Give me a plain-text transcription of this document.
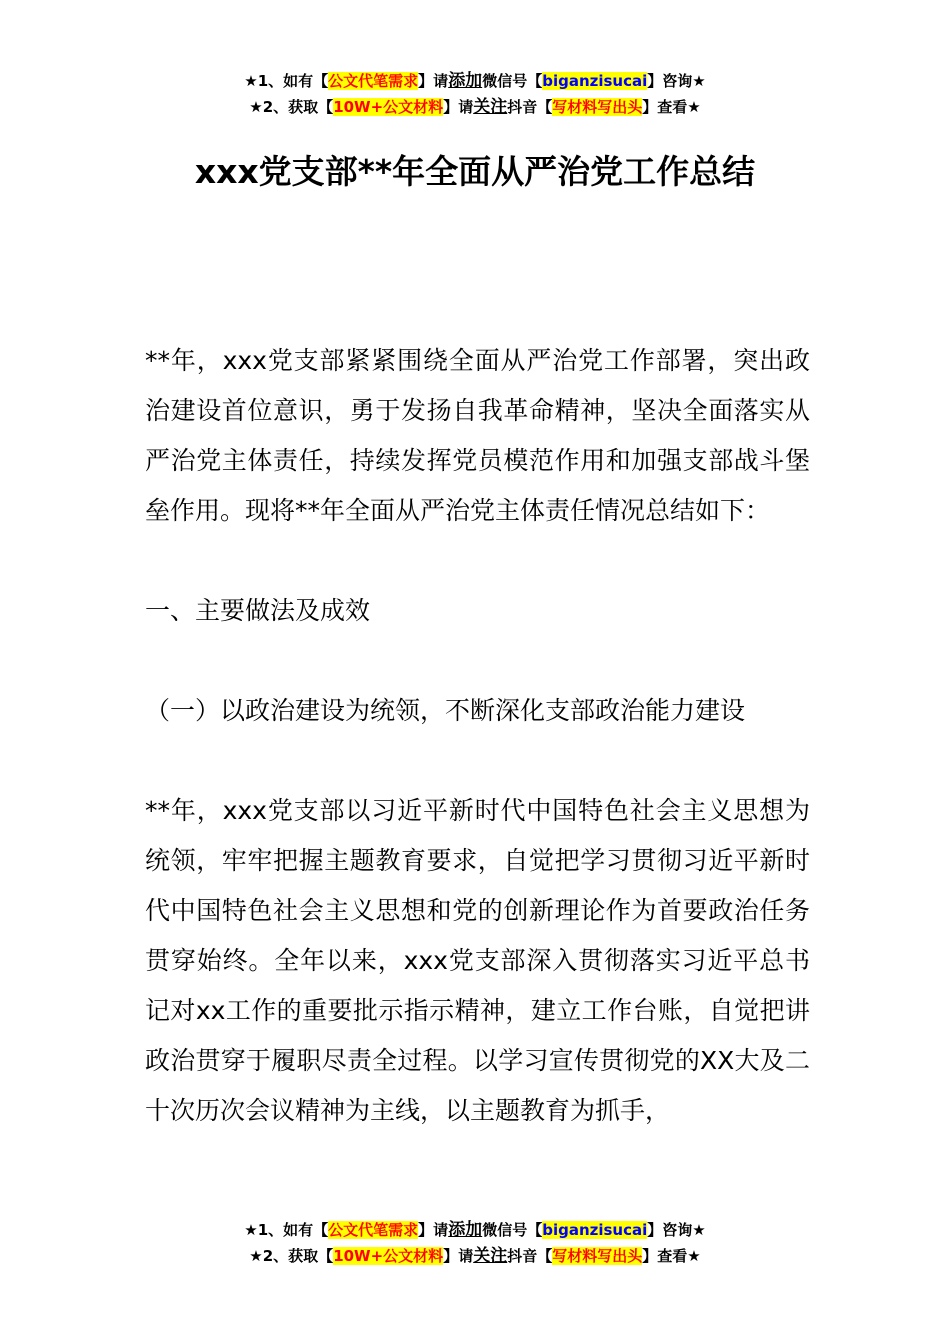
★1、如有【公文代笔需求】请添加微信号【biganzisucai】咨询★
★2、获取【10W+公文材料】请关注抖音【写材料写出头】查看★
xxx党支部**年全面从严治党工作总结

**年，xxx党支部紧紧围绕全面从严治党工作部署，突出政治建设首位意识，勇于发扬自我革命精神，坚决全面落实从严治党主体责任，持续发挥党员模范作用和加强支部战斗堡垒作用。现将**年全面从严治党主体责任情况总结如下：

一、主要做法及成效

（一）以政治建设为统领，不断深化支部政治能力建设

**年，xxx党支部以习近平新时代中国特色社会主义思想为统领，牢牢把握主题教育要求，自觉把学习贯彻习近平新时代中国特色社会主义思想和党的创新理论作为首要政治任务贯穿始终。全年以来，xxx党支部深入贯彻落实习近平总书记对xx工作的重要批示指示精神，建立工作台账，自觉把讲政治贯穿于履职尽责全过程。以学习宣传贯彻党的XX大及二十次历次会议精神为主线，以主题教育为抓手，

★1、如有【公文代笔需求】请添加微信号【biganzisucai】咨询★
★2、获取【10W+公文材料】请关注抖音【写材料写出头】查看★
